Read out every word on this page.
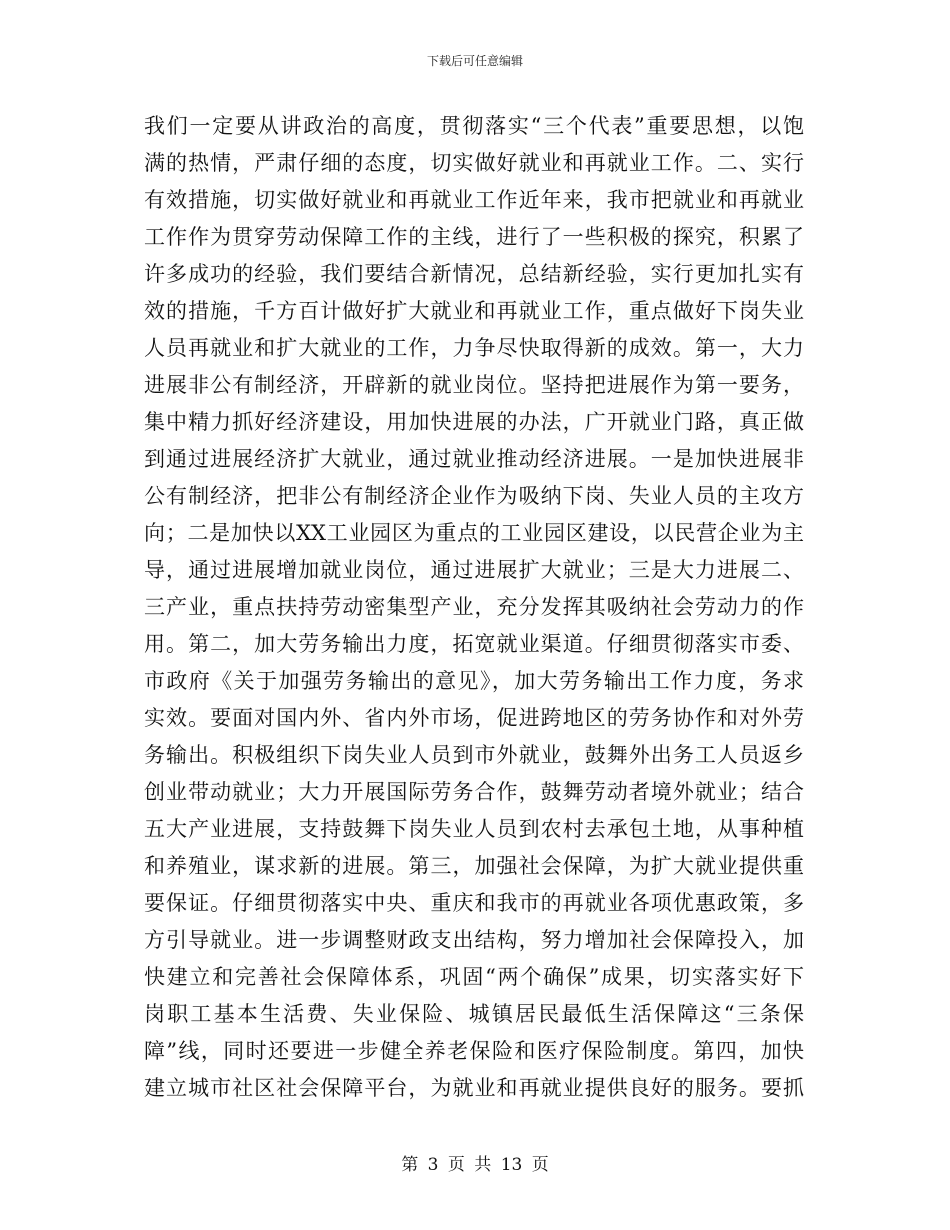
下载后可任意编辑
我们一定要从讲政治的高度，贯彻落实“三个代表”重要思想，以饱
满的热情，严肃仔细的态度，切实做好就业和再就业工作。二、实行
有效措施，切实做好就业和再就业工作近年来，我市把就业和再就业
工作作为贯穿劳动保障工作的主线，进行了一些积极的探究，积累了
许多成功的经验，我们要结合新情况，总结新经验，实行更加扎实有
效的措施，千方百计做好扩大就业和再就业工作，重点做好下岗失业
人员再就业和扩大就业的工作，力争尽快取得新的成效。第一，大力
进展非公有制经济，开辟新的就业岗位。坚持把进展作为第一要务，
集中精力抓好经济建设，用加快进展的办法，广开就业门路，真正做
到通过进展经济扩大就业，通过就业推动经济进展。一是加快进展非
公有制经济，把非公有制经济企业作为吸纳下岗、失业人员的主攻方
向；二是加快以XX工业园区为重点的工业园区建设，以民营企业为主
导，通过进展增加就业岗位，通过进展扩大就业；三是大力进展二、
三产业，重点扶持劳动密集型产业，充分发挥其吸纳社会劳动力的作
用。第二，加大劳务输出力度，拓宽就业渠道。仔细贯彻落实市委、
市政府《关于加强劳务输出的意见》，加大劳务输出工作力度，务求
实效。要面对国内外、省内外市场，促进跨地区的劳务协作和对外劳
务输出。积极组织下岗失业人员到市外就业，鼓舞外出务工人员返乡
创业带动就业；大力开展国际劳务合作，鼓舞劳动者境外就业；结合
五大产业进展，支持鼓舞下岗失业人员到农村去承包土地，从事种植
和养殖业，谋求新的进展。第三，加强社会保障，为扩大就业提供重
要保证。仔细贯彻落实中央、重庆和我市的再就业各项优惠政策，多
方引导就业。进一步调整财政支出结构，努力增加社会保障投入，加
快建立和完善社会保障体系，巩固“两个确保”成果，切实落实好下
岗职工基本生活费、失业保险、城镇居民最低生活保障这“三条保
障”线，同时还要进一步健全养老保险和医疗保险制度。第四，加快
建立城市社区社会保障平台，为就业和再就业提供良好的服务。要抓
第 3 页 共 13 页
